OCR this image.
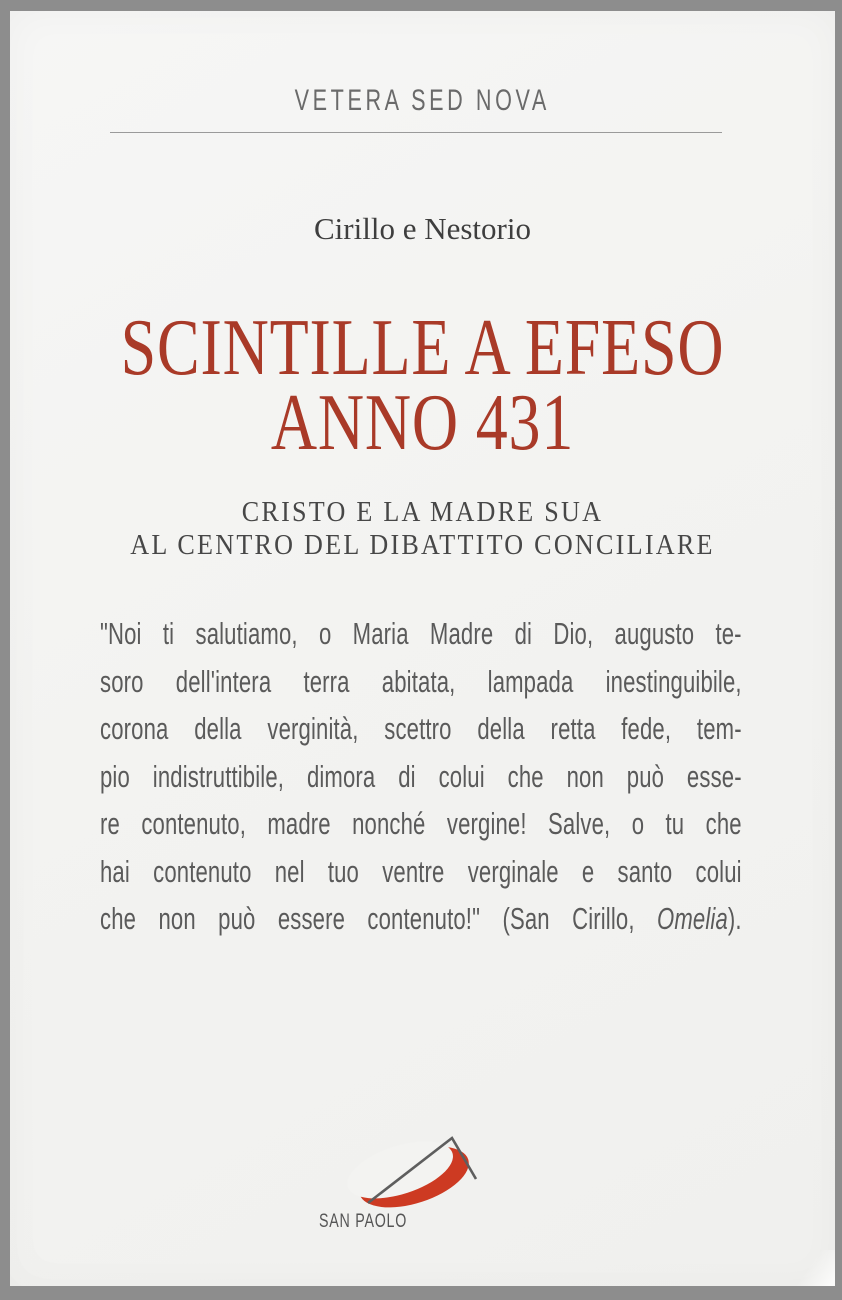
VETERA SED NOVA
Cirillo e Nestorio
SCINTILLE A EFESO
ANNO 431
CRISTO E LA MADRE SUA
AL CENTRO DEL DIBATTITO CONCILIARE
"Noi ti salutiamo, o Maria Madre di Dio, augusto te-
soro dell'intera terra abitata, lampada inestinguibile,
corona della verginità, scettro della retta fede, tem-
pio indistruttibile, dimora di colui che non può esse-
re contenuto, madre nonché vergine! Salve, o tu che
hai contenuto nel tuo ventre verginale e santo colui
che non può essere contenuto!" (San Cirillo, Omelia).
SAN PAOLO
